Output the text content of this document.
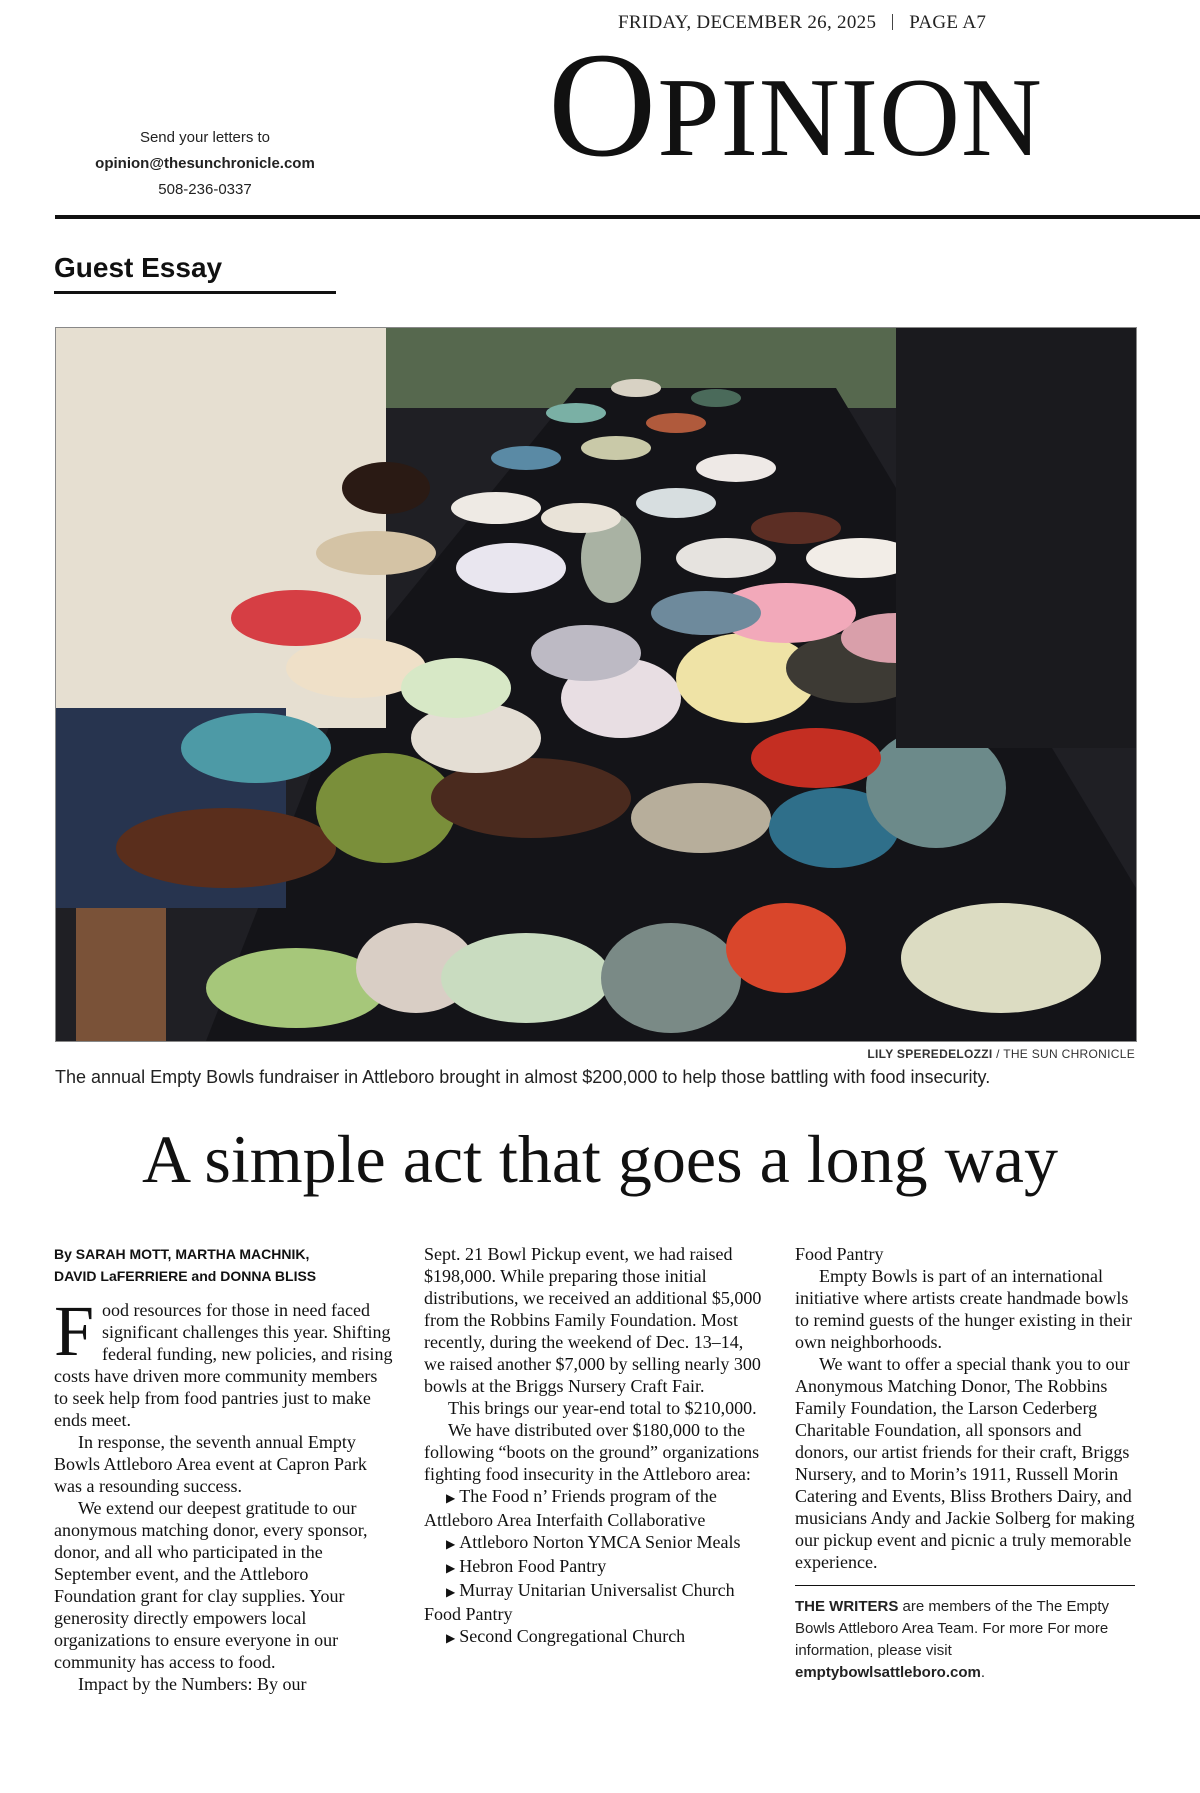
FRIDAY, DECEMBER 26, 2025 PAGE A7
OPINION
Send your letters to
opinion@thesunchronicle.com
508-236-0337
Guest Essay
LILY SPEREDELOZZI / THE SUN CHRONICLE
The annual Empty Bowls fundraiser in Attleboro brought in almost $200,000 to help those battling with food insecurity.
A simple act that goes a long way
By SARAH MOTT, MARTHA MACHNIK,
DAVID LaFERRIERE and DONNA BLISS

Food resources for those in need faced significant challenges this year. Shifting federal funding, new policies, and rising costs have driven more community members to seek help from food pantries just to make ends meet.

In response, the seventh annual Empty Bowls Attleboro Area event at Capron Park was a resounding success.

We extend our deepest gratitude to our anonymous matching donor, every sponsor, donor, and all who participated in the September event, and the Attleboro Foundation grant for clay supplies. Your generosity directly empowers local organizations to ensure everyone in our community has access to food.

Impact by the Numbers: By our

Sept. 21 Bowl Pickup event, we had raised $198,000. While preparing those initial distributions, we received an additional $5,000 from the Robbins Family Foundation. Most recently, during the weekend of Dec. 13–14, we raised another $7,000 by selling nearly 300 bowls at the Briggs Nursery Craft Fair.

This brings our year-end total to $210,000.

We have distributed over $180,000 to the following “boots on the ground” organizations fighting food insecurity in the Attleboro area:

▶ The Food n’ Friends program of the Attleboro Area Interfaith Collaborative

▶ Attleboro Norton YMCA Senior Meals

▶ Hebron Food Pantry

▶ Murray Unitarian Universalist Church Food Pantry

▶ Second Congregational Church

Food Pantry

Empty Bowls is part of an international initiative where artists create handmade bowls to remind guests of the hunger existing in their own neighborhoods.

We want to offer a special thank you to our Anonymous Matching Donor, The Robbins Family Foundation, the Larson Cederberg Charitable Foundation, all sponsors and donors, our artist friends for their craft, Briggs Nursery, and to Morin’s 1911, Russell Morin Catering and Events, Bliss Brothers Dairy, and musicians Andy and Jackie Solberg for making our pickup event and picnic a truly memorable experience.

THE WRITERS are members of the The Empty Bowls Attleboro Area Team. For more For more information, please visit emptybowlsattleboro.com.
